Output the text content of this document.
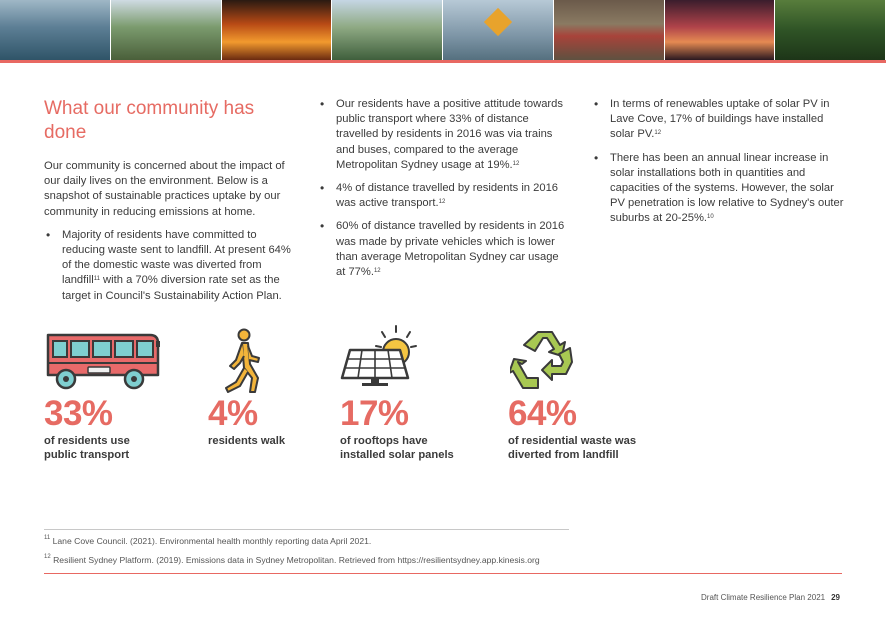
What our community has done

Our community is concerned about the impact of our daily lives on the environment. Below is a snapshot of sustainable practices uptake by our community in reducing emissions at home.

• Majority of residents have committed to reducing waste sent to landfill. At present 64% of the domestic waste was diverted from landfill$^{11}$ with a 70% diversion rate set as the target in Council's Sustainability Action Plan.
• Our residents have a positive attitude towards public transport where 33% of distance travelled by residents in 2016 was via trains and buses, compared to the average Metropolitan Sydney usage at 19%.$^{12}$
• 4% of distance travelled by residents in 2016 was active transport.$^{12}$
• 60% of distance travelled by residents in 2016 was made by private vehicles which is lower than average Metropolitan Sydney car usage at 77%.$^{12}$
• In terms of renewables uptake of solar PV in Lave Cove, 17% of buildings have installed solar PV.$^{12}$
• There has been an annual linear increase in solar installations both in quantities and capacities of the systems. However, the solar PV penetration is low relative to Sydney's outer suburbs at 20-25%.$^{10}$
33%
of residents use
public transport
4%
residents walk
17%
of rooftops have
installed solar panels
64%
of residential waste was
diverted from landfill
$^{11}$ Lane Cove Council. (2021). Environmental health monthly reporting data April 2021.
$^{12}$ Resilient Sydney Platform. (2019). Emissions data in Sydney Metropolitan. Retrieved from https://resilientsydney.app.kinesis.org
Draft Climate Resilience Plan 2021 29
